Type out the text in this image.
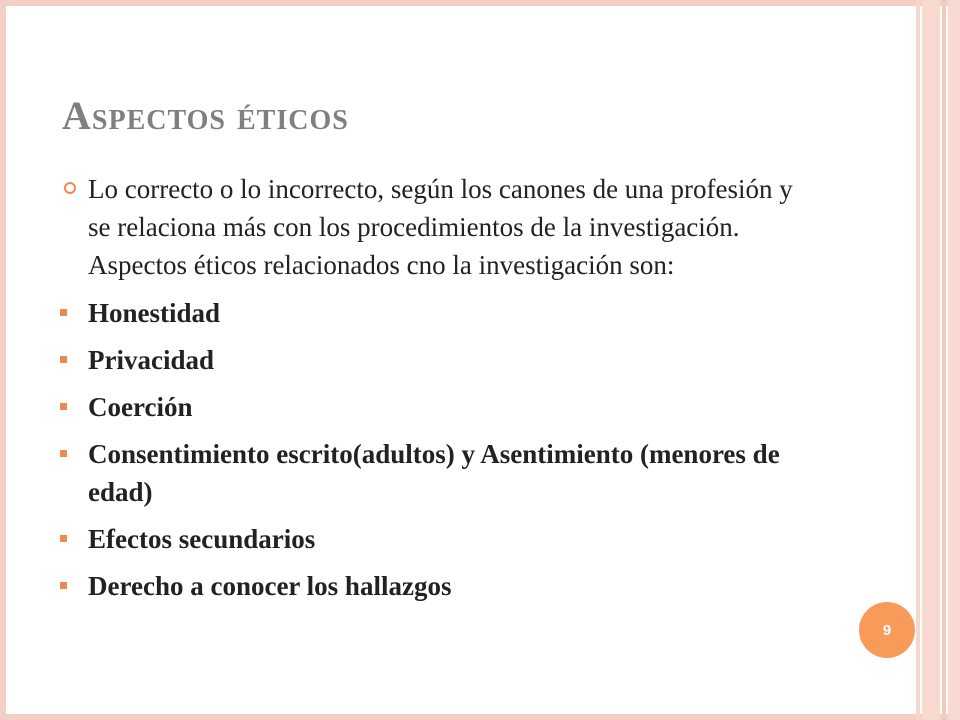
Aspectos éticos

Lo correcto o lo incorrecto, según los canones de una profesión y se relaciona más con los procedimientos de la investigación. Aspectos éticos relacionados cno la investigación son:

Honestidad
Privacidad
Coerción
Consentimiento escrito(adultos) y Asentimiento (menores de edad)
Efectos secundarios
Derecho a conocer los hallazgos
9
